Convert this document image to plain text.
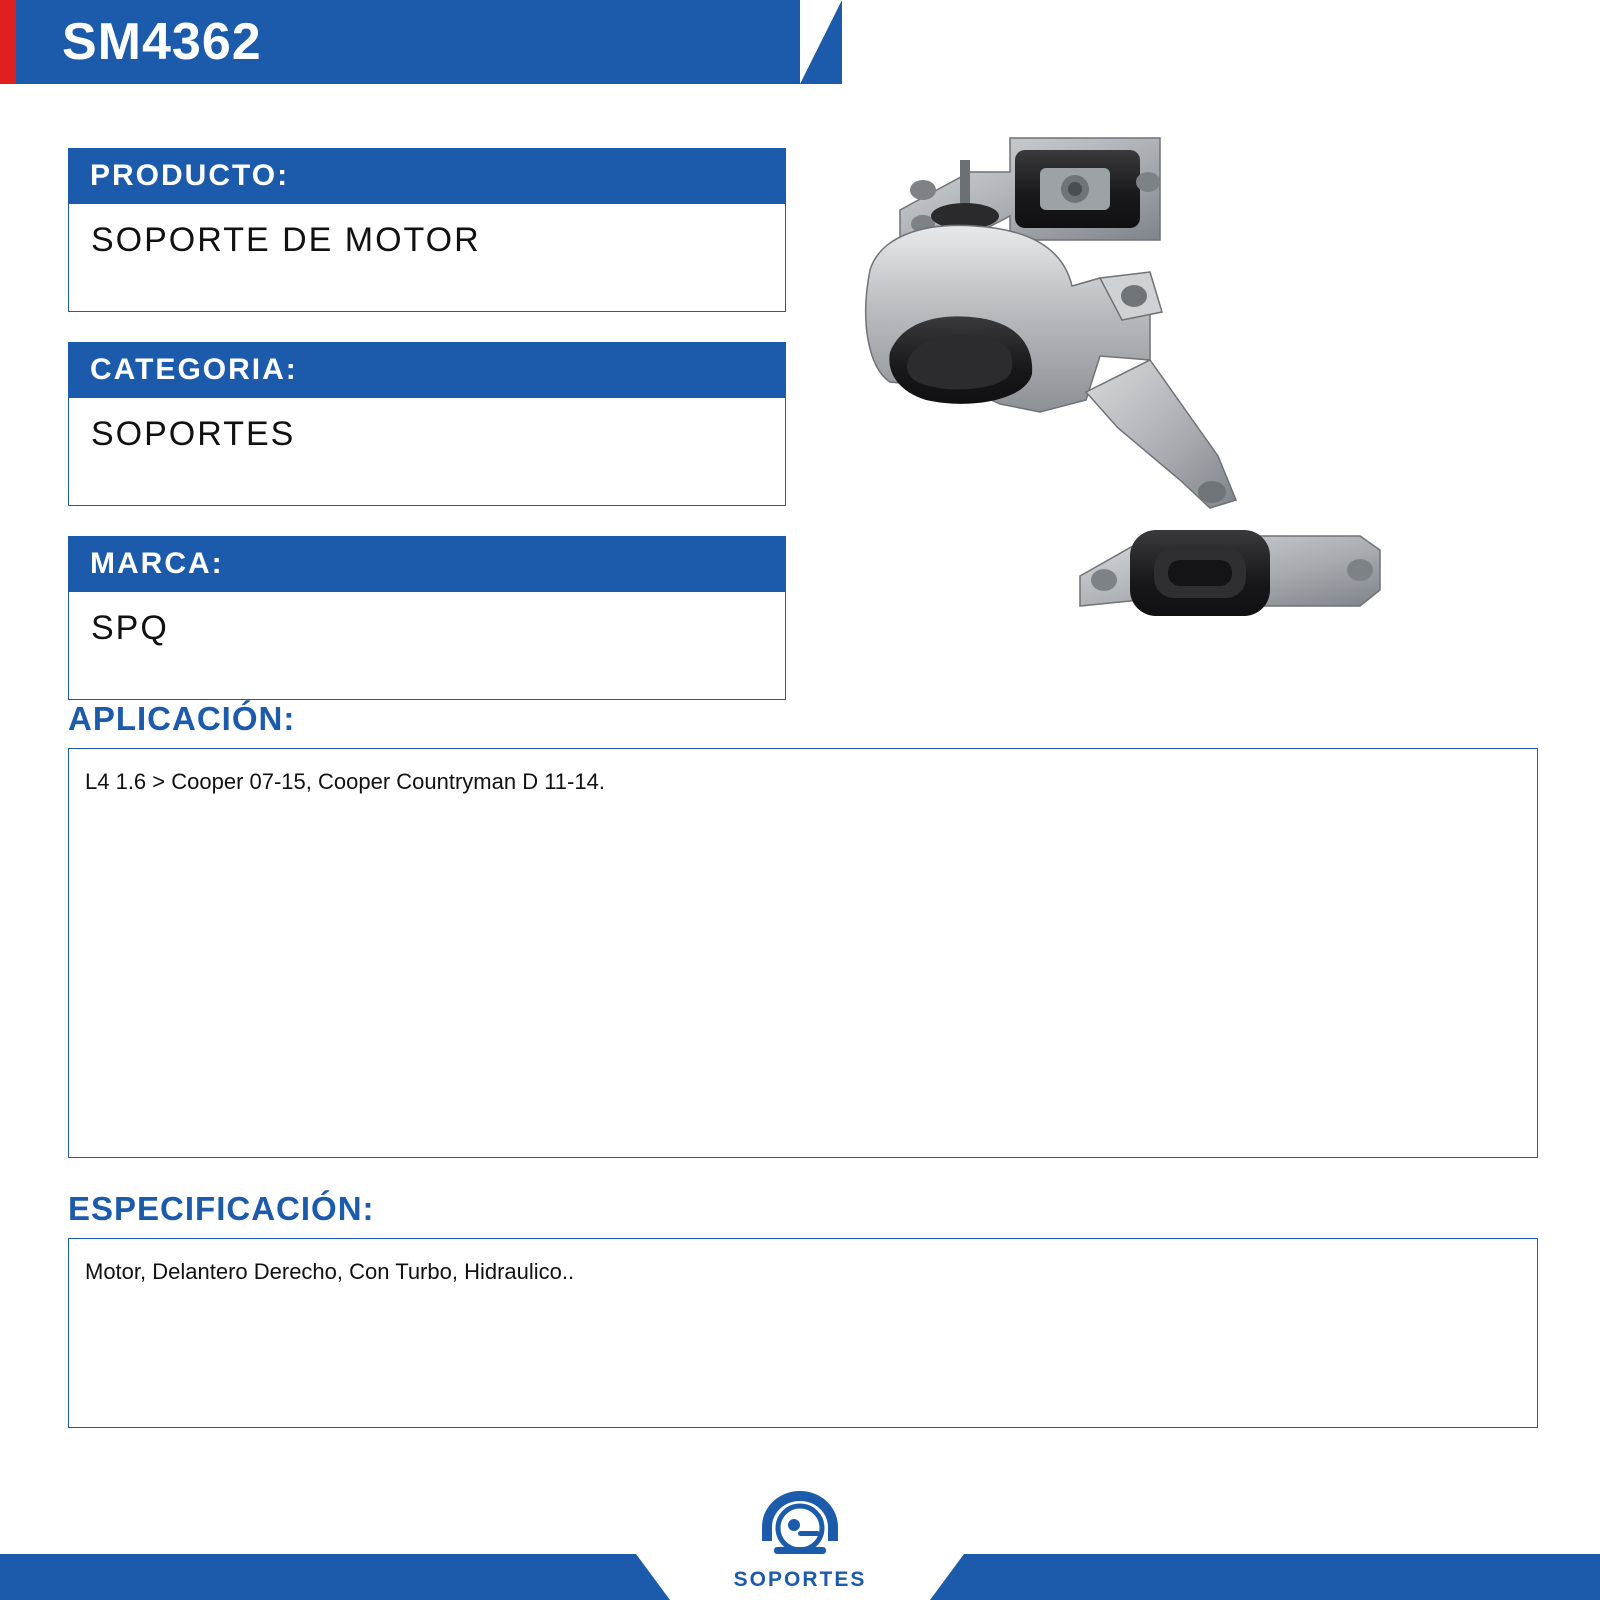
SM4362
PRODUCTO:
SOPORTE DE MOTOR
CATEGORIA:
SOPORTES
MARCA:
SPQ
APLICACIÓN:
L4 1.6 > Cooper 07-15, Cooper Countryman D 11-14.
ESPECIFICACIÓN:
Motor, Delantero Derecho, Con Turbo, Hidraulico..
SOPORTES
